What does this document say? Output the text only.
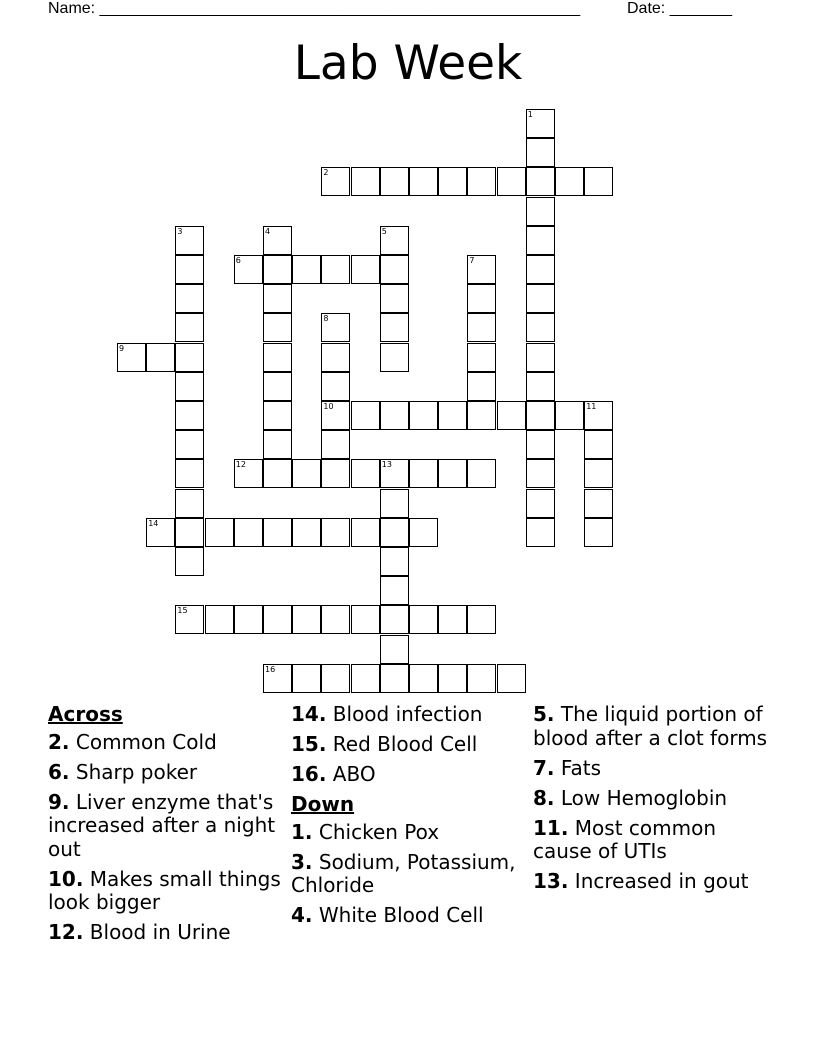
Name: ______________________________________________________	Date: _______
Lab Week
1
2
3	4	5
6	7
8
10
9
11
12	13
14
15
16

Across

2. Common Cold

6. Sharp poker

9. Liver enzyme that's increased after a night out

10. Makes small things look bigger

12. Blood in Urine

14. Blood infection

15. Red Blood Cell

16. ABO

Down

1. Chicken Pox

3. Sodium, Potassium, Chloride

4. White Blood Cell

5. The liquid portion of blood after a clot forms

7. Fats

8. Low Hemoglobin

11. Most common cause of UTIs

13. Increased in gout
